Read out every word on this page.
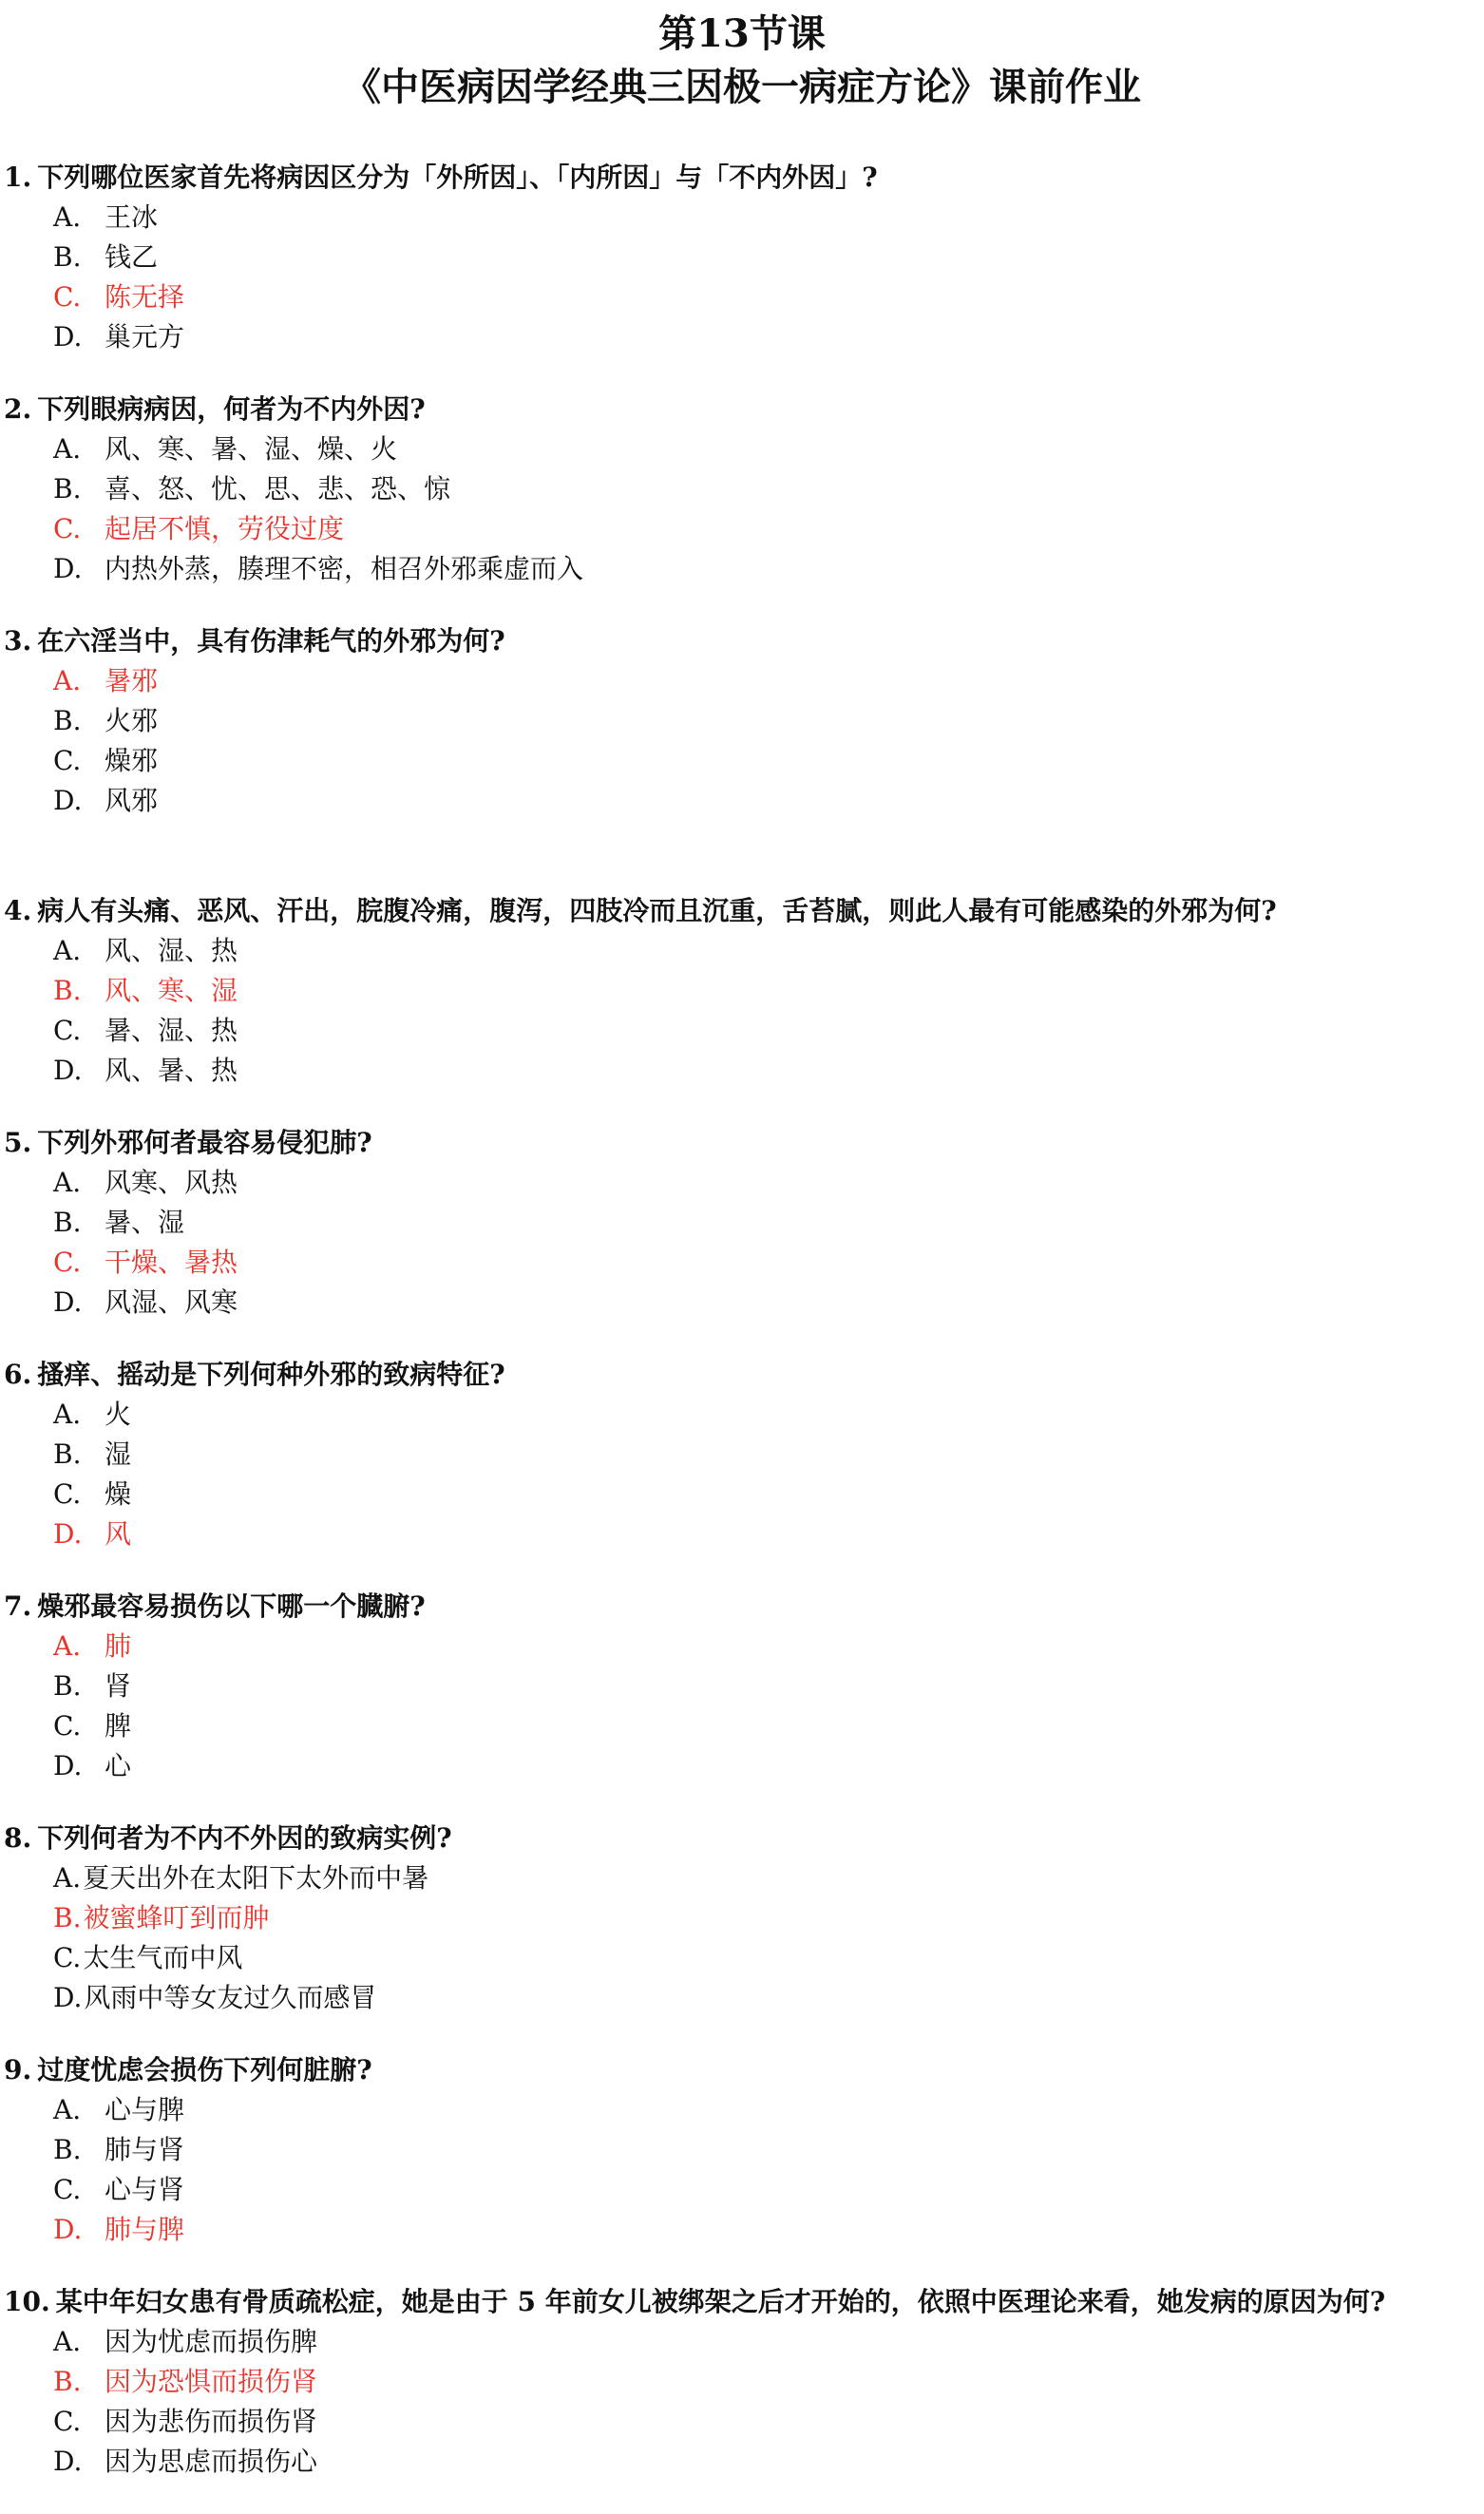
第13节课
《中医病因学经典三因极一病症方论》课前作业
1. 下列哪位医家首先将病因区分为「外所因」、「内所因」与「不内外因」?
A. 王冰
B. 钱乙
C. 陈无择
D. 巢元方
2. 下列眼病病因，何者为不内外因?
A. 风、寒、暑、湿、燥、火
B. 喜、怒、忧、思、悲、恐、惊
C. 起居不慎，劳役过度
D. 内热外蒸，腠理不密，相召外邪乘虚而入
3. 在六淫当中，具有伤津耗气的外邪为何?
A. 暑邪
B. 火邪
C. 燥邪
D. 风邪
4. 病人有头痛、恶风、汗出，脘腹冷痛，腹泻，四肢冷而且沉重，舌苔腻，则此人最有可能感染的外邪为何?
A. 风、湿、热
B. 风、寒、湿
C. 暑、湿、热
D. 风、暑、热
5. 下列外邪何者最容易侵犯肺?
A. 风寒、风热
B. 暑、湿
C. 干燥、暑热
D. 风湿、风寒
6. 搔痒、摇动是下列何种外邪的致病特征?
A. 火
B. 湿
C. 燥
D. 风
7. 燥邪最容易损伤以下哪一个臓腑?
A. 肺
B. 肾
C. 脾
D. 心
8. 下列何者为不内不外因的致病实例?
A.夏天出外在太阳下太外而中暑
B.被蜜蜂叮到而肿
C.太生气而中风
D.风雨中等女友过久而感冒
9. 过度忧虑会损伤下列何脏腑?
A. 心与脾
B. 肺与肾
C. 心与肾
D. 肺与脾
10. 某中年妇女患有骨质疏松症，她是由于 5 年前女儿被绑架之后才开始的，依照中医理论来看，她发病的原因为何?
A. 因为忧虑而损伤脾
B. 因为恐惧而损伤肾
C. 因为悲伤而损伤肾
D. 因为思虑而损伤心
